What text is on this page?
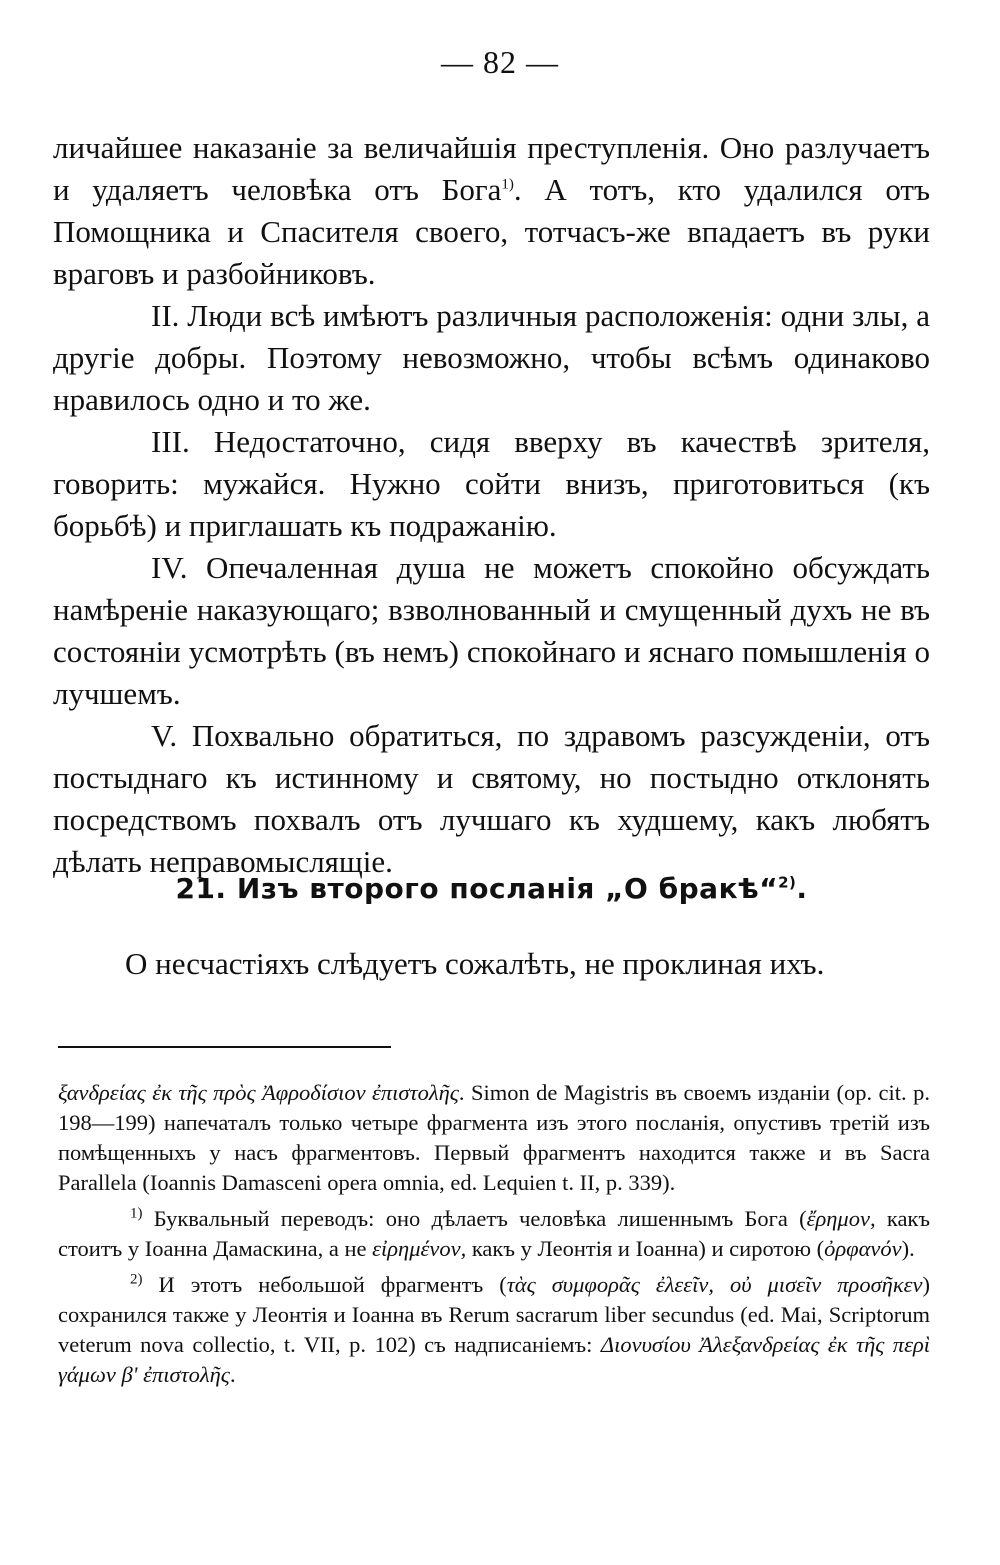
— 82 —

личайшее наказаніе за величайшія преступленія. Оно разлучаетъ и удаляетъ человѣка отъ Бога$^{1)}$. А тотъ, кто удалился отъ Помощника и Спасителя своего, тотчасъ-же впадаетъ въ руки враговъ и разбойниковъ.

II. Люди всѣ имѣютъ различныя расположенія: одни злы, а другіе добры. Поэтому невозможно, чтобы всѣмъ одинаково нравилось одно и то же.

III. Недостаточно, сидя вверху въ качествѣ зрителя, говорить: мужайся. Нужно сойти внизъ, приготовиться (къ борьбѣ) и приглашать къ подражанію.

IV. Опечаленная душа не можетъ спокойно обсуждать намѣреніе наказующаго; взволнованный и смущенный духъ не въ состояніи усмотрѣть (въ немъ) спокойнаго и яснаго помышленія о лучшемъ.

V. Похвально обратиться, по здравомъ разсужденіи, отъ постыднаго къ истинному и святому, но постыдно отклонять посредствомъ похвалъ отъ лучшаго къ худшему, какъ любятъ дѣлать неправомыслящіе.

21. Изъ второго посланія „О бракѣ“$^{2)}$.

О несчастіяхъ слѣдуетъ сожалѣть, не проклиная ихъ.

ξανδρείας ἐκ τῆς πρὸς Ἀφροδίσιον ἐπιστολῆς. Simon de Magistris въ своемъ изданіи (op. cit. p. 198—199) напечаталъ только четыре фрагмента изъ этого посланія, опустивъ третій изъ помѣщенныхъ у насъ фрагментовъ. Первый фрагментъ находится также и въ Sacra Parallela (Ioannis Damasceni opera omnia, ed. Lequien t. II, p. 339).

$^{1)}$ Буквальный переводъ: оно дѣлаетъ человѣка лишеннымъ Бога (ἔρημον, какъ стоитъ у Іоанна Дамаскина, а не εἰρημένον, какъ у Леонтія и Іоанна) и сиротою (ὀρφανόν).

$^{2)}$ И этотъ небольшой фрагментъ (τὰς συμφορᾶς ἐλεεῖν, οὐ μισεῖν προσῆκεν) сохранился также у Леонтія и Іоанна въ Rerum sacrarum liber secundus (ed. Mai, Scriptorum veterum nova collectio, t. VII, p. 102) съ надписаніемъ: Διονυσίου Ἀλεξανδρείας ἐκ τῆς περὶ γάμων β' ἐπιστολῆς.
